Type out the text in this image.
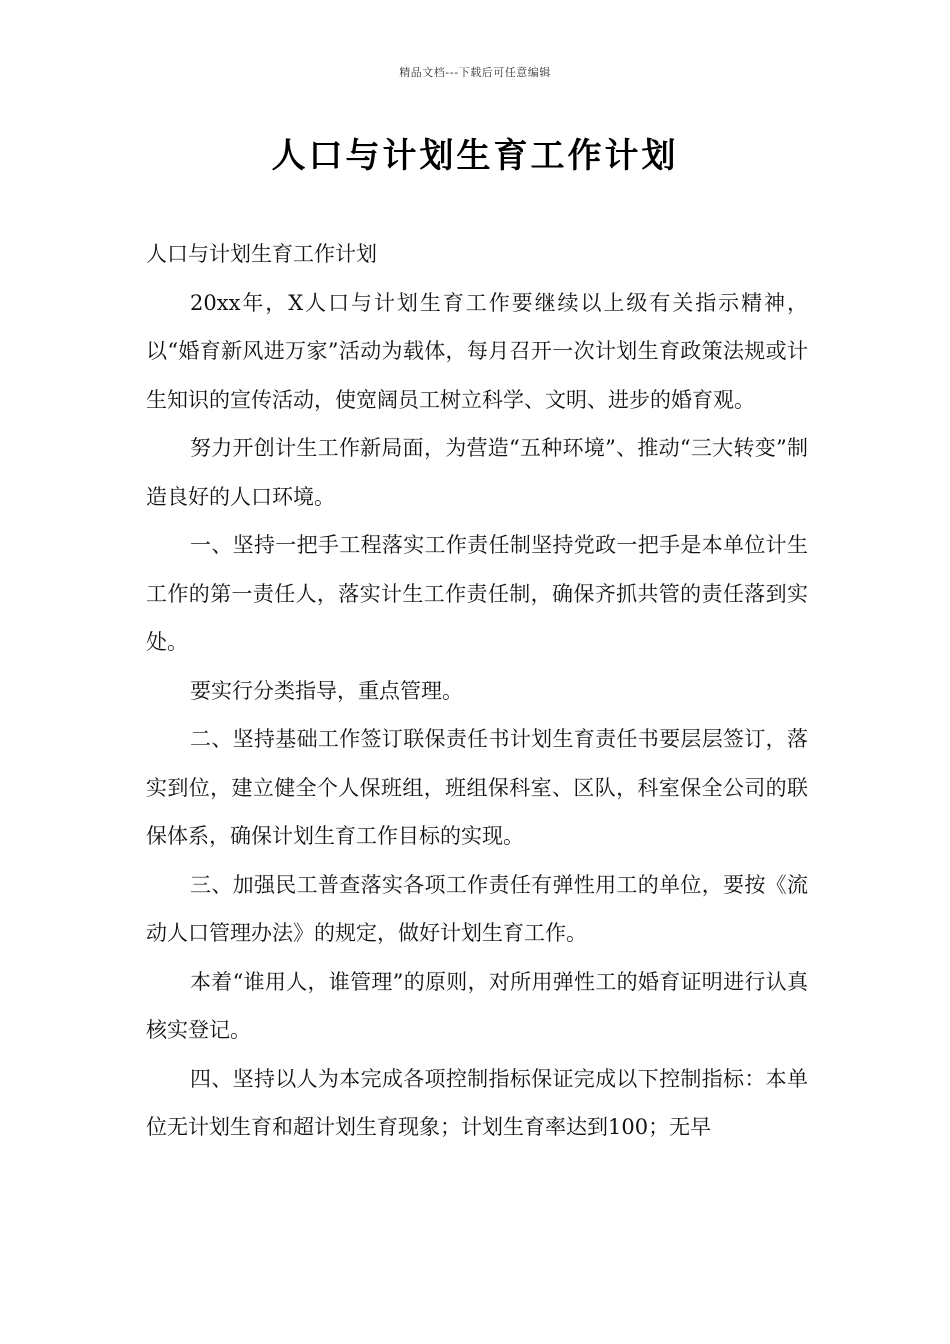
精品文档---下载后可任意编辑
人口与计划生育工作计划

人口与计划生育工作计划

20xx年，X人口与计划生育工作要继续以上级有关指示精神，以“婚育新风进万家”活动为载体，每月召开一次计划生育政策法规或计生知识的宣传活动，使宽阔员工树立科学、文明、进步的婚育观。

努力开创计生工作新局面，为营造“五种环境”、推动“三大转变”制造良好的人口环境。

一、坚持一把手工程落实工作责任制坚持党政一把手是本单位计生工作的第一责任人，落实计生工作责任制，确保齐抓共管的责任落到实处。

要实行分类指导，重点管理。

二、坚持基础工作签订联保责任书计划生育责任书要层层签订，落实到位，建立健全个人保班组，班组保科室、区队，科室保全公司的联保体系，确保计划生育工作目标的实现。

三、加强民工普查落实各项工作责任有弹性用工的单位，要按《流动人口管理办法》的规定，做好计划生育工作。

本着“谁用人，谁管理”的原则，对所用弹性工的婚育证明进行认真核实登记。

四、坚持以人为本完成各项控制指标保证完成以下控制指标：本单位无计划生育和超计划生育现象；计划生育率达到100；无早
